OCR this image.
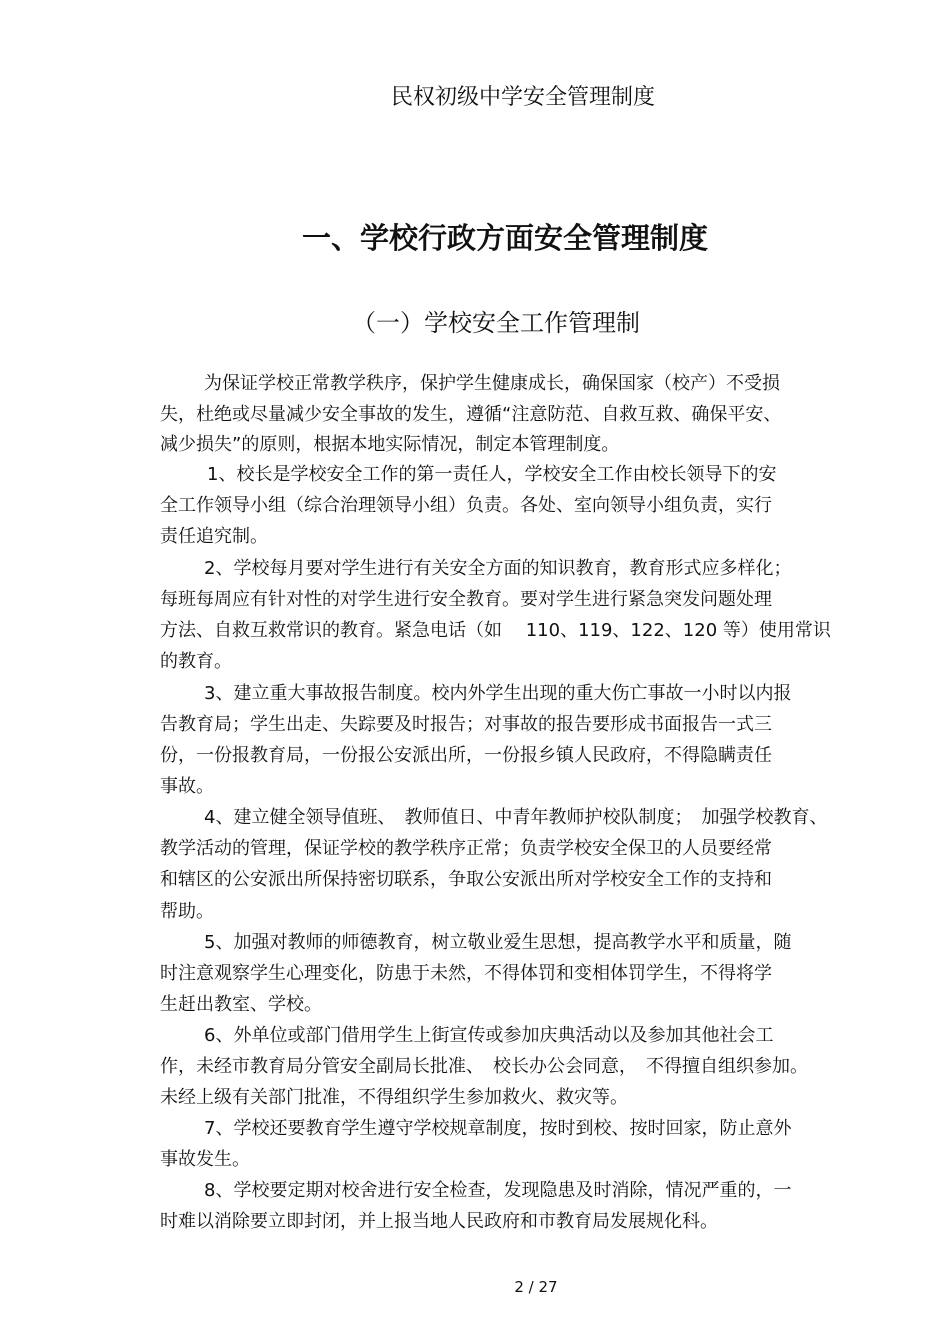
民权初级中学安全管理制度
一、学校行政方面安全管理制度
（一）学校安全工作管理制
为保证学校正常教学秩序，保护学生健康成长，确保国家（校产）不受损
失，杜绝或尽量减少安全事故的发生，遵循“注意防范、自救互救、确保平安、
减少损失”的原则，根据本地实际情况，制定本管理制度。
1、校长是学校安全工作的第一责任人，学校安全工作由校长领导下的安
全工作领导小组（综合治理领导小组）负责。各处、室向领导小组负责，实行
责任追究制。
2、学校每月要对学生进行有关安全方面的知识教育，教育形式应多样化；
每班每周应有针对性的对学生进行安全教育。要对学生进行紧急突发问题处理
方法、自救互救常识的教育。紧急电话（如　 110、119、122、120 等）使用常识
的教育。
3、建立重大事故报告制度。校内外学生出现的重大伤亡事故一小时以内报
告教育局；学生出走、失踪要及时报告；对事故的报告要形成书面报告一式三
份，一份报教育局，一份报公安派出所，一份报乡镇人民政府，不得隐瞒责任
事故。
4、建立健全领导值班、　教师值日、中青年教师护校队制度；　加强学校教育、
教学活动的管理，保证学校的教学秩序正常；负责学校安全保卫的人员要经常
和辖区的公安派出所保持密切联系，争取公安派出所对学校安全工作的支持和
帮助。
5、加强对教师的师德教育，树立敬业爱生思想，提高教学水平和质量，随
时注意观察学生心理变化，防患于未然，不得体罚和变相体罚学生，不得将学
生赶出教室、学校。
6、外单位或部门借用学生上街宣传或参加庆典活动以及参加其他社会工
作，未经市教育局分管安全副局长批准、　校长办公会同意，　不得擅自组织参加。
未经上级有关部门批准，不得组织学生参加救火、救灾等。
7、学校还要教育学生遵守学校规章制度，按时到校、按时回家，防止意外
事故发生。
8、学校要定期对校舍进行安全检查，发现隐患及时消除，情况严重的，一
时难以消除要立即封闭，并上报当地人民政府和市教育局发展规化科。
2 / 27
